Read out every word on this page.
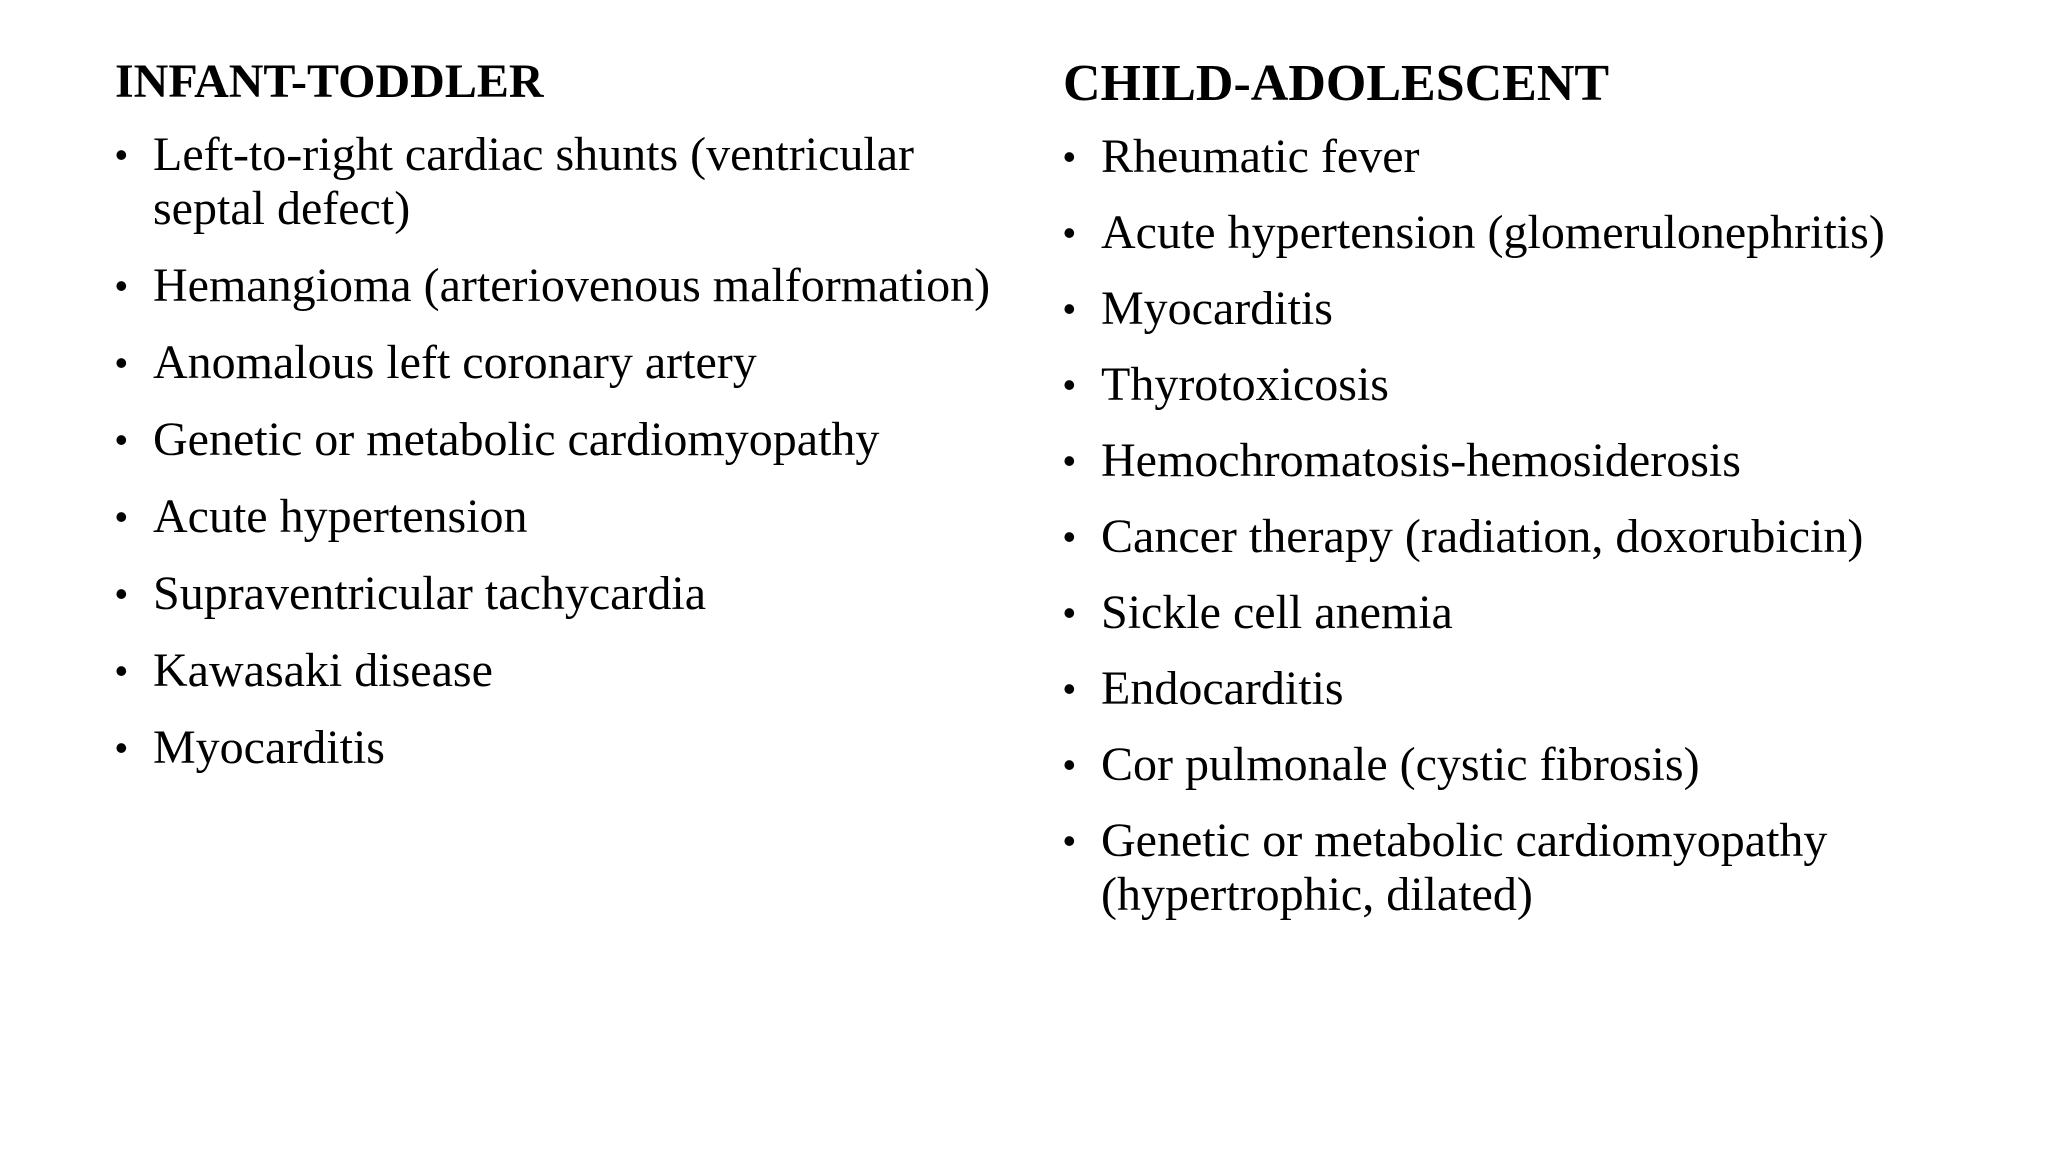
INFANT-TODDLER
• Left-to-right cardiac shunts (ventricular septal defect)
• Hemangioma (arteriovenous malformation)
• Anomalous left coronary artery
• Genetic or metabolic cardiomyopathy
• Acute hypertension
• Supraventricular tachycardia
• Kawasaki disease
• Myocarditis
CHILD-ADOLESCENT
• Rheumatic fever
• Acute hypertension (glomerulonephritis)
• Myocarditis
• Thyrotoxicosis
• Hemochromatosis-hemosiderosis
• Cancer therapy (radiation, doxorubicin)
• Sickle cell anemia
• Endocarditis
• Cor pulmonale (cystic fibrosis)
• Genetic or metabolic cardiomyopathy (hypertrophic, dilated)
